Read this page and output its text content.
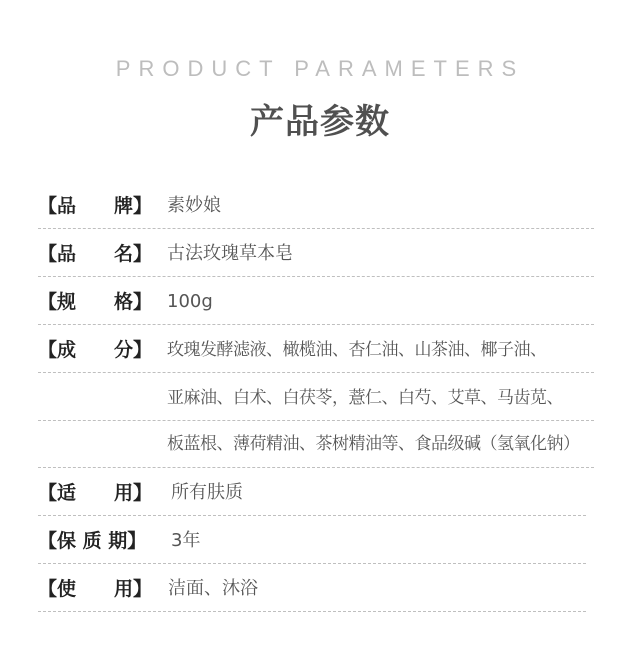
PRODUCT PARAMETERS
产品参数
【品　　牌】 素妙娘
【品　　名】 古法玫瑰草本皂
【规　　格】 100g
【成　　分】 玫瑰发酵滤液、橄榄油、杏仁油、山茶油、椰子油、
亚麻油、白术、白茯苓，薏仁、白芍、艾草、马齿苋、
板蓝根、薄荷精油、茶树精油等、食品级碱（氢氧化钠）
【适　　用】 所有肤质
【保 质 期】 3年
【使　　用】 洁面、沐浴
